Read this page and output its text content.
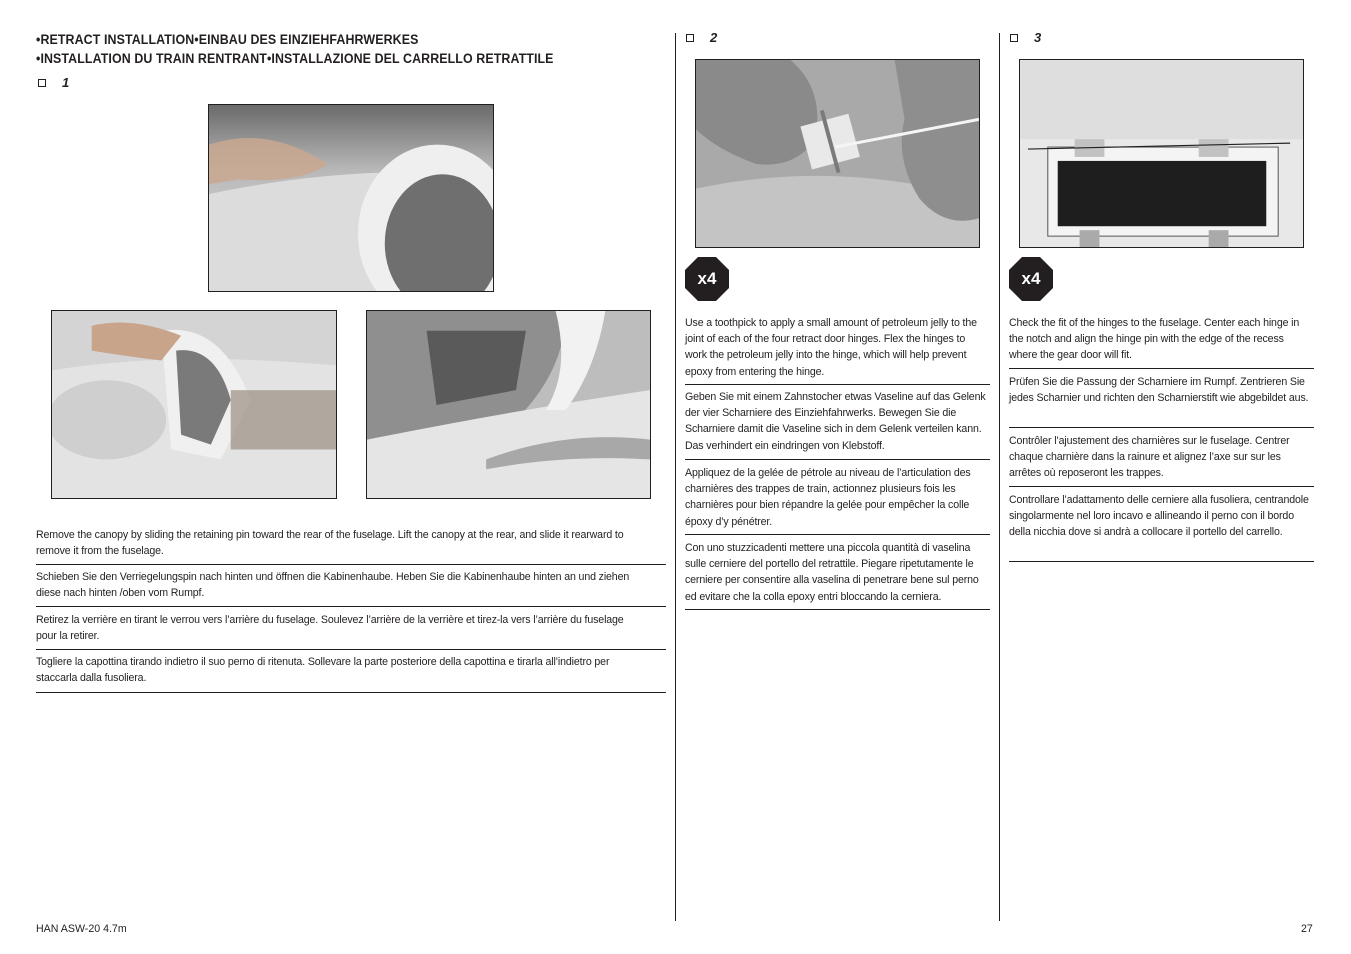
•RETRACT INSTALLATION•EINBAU DES EINZIEHFAHRWERKES
•INSTALLATION DU TRAIN RENTRANT•INSTALLAZIONE DEL CARRELLO RETRATTILE
1
Remove the canopy by sliding the retaining pin toward the rear of the fuselage. Lift the canopy at the rear, and slide it rearward to remove it from the fuselage.
Schieben Sie den Verriegelungspin nach hinten und öffnen die Kabinenhaube. Heben Sie die Kabinenhaube hinten an und ziehen diese nach hinten /oben vom Rumpf.
Retirez la verrière en tirant le verrou vers l’arrière du fuselage. Soulevez l’arrière de la verrière et tirez-la vers l’arrière du fuselage pour la retirer.
Togliere la capottina tirando indietro il suo perno di ritenuta. Sollevare la parte posteriore della capottina e tirarla all’indietro per staccarla dalla fusoliera.
2
x4
Use a toothpick to apply a small amount of petroleum jelly to the joint of each of the four retract door hinges. Flex the hinges to work the petroleum jelly into the hinge, which will help prevent epoxy from entering the hinge.
Geben Sie mit einem Zahnstocher etwas Vaseline auf das Gelenk der vier Scharniere des Einziehfahrwerks. Bewegen Sie die Scharniere damit die Vaseline sich in dem Gelenk verteilen kann. Das verhindert ein eindringen von Klebstoff.
Appliquez de la gelée de pétrole au niveau de l’articulation des charnières des trappes de train, actionnez plusieurs fois les charnières pour bien répandre la gelée pour empêcher la colle époxy d’y pénétrer.
Con uno stuzzicadenti mettere una piccola quantità di vaselina sulle cerniere del portello del retrattile. Piegare ripetutamente le cerniere per consentire alla vaselina di penetrare bene sul perno ed evitare che la colla epoxy entri bloccando la cerniera.
3
x4
Check the fit of the hinges to the fuselage. Center each hinge in the notch and align the hinge pin with the edge of the recess where the gear door will fit.
Prüfen Sie die Passung der Scharniere im Rumpf. Zentrieren Sie jedes Scharnier und richten den Scharnierstift wie abgebildet aus.
Contrôler l’ajustement des charnières sur le fuselage. Centrer chaque charnière dans la rainure et alignez l’axe sur sur les arrêtes où reposeront les trappes.
Controllare l’adattamento delle cerniere alla fusoliera, centrandole singolarmente nel loro incavo e allineando il perno con il bordo della nicchia dove si andrà a collocare il portello del carrello.
HAN ASW-20 4.7m	27
